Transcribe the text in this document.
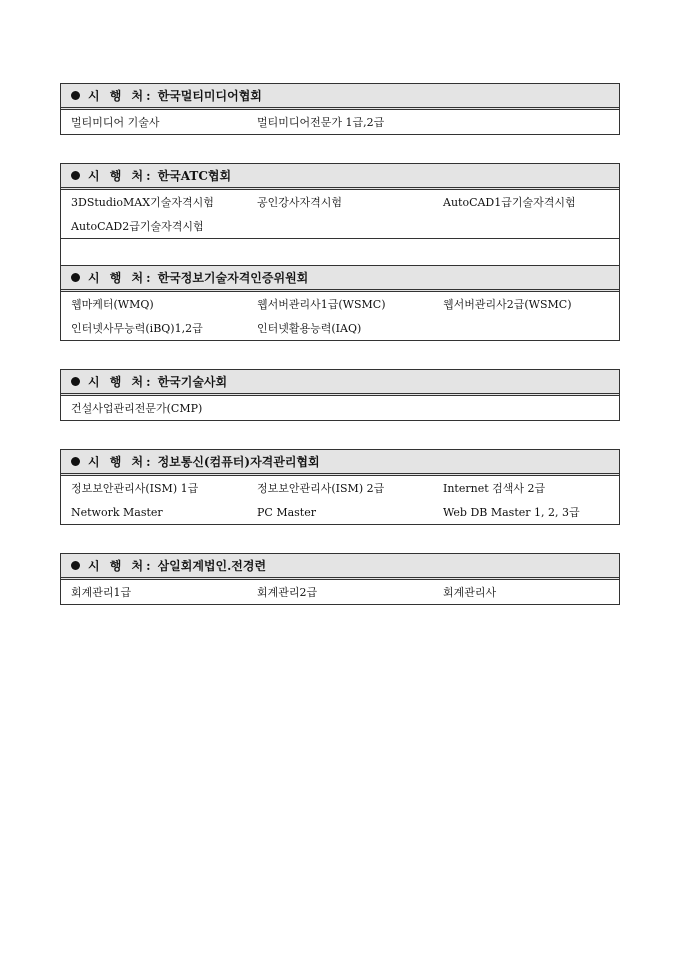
시 행 처: 한국멀티미디어협회
멀티미디어 기술사	멀티미디어전문가 1급,2급
시 행 처: 한국ATC협회
3DStudioMAX기술자격시험	공인강사자격시험	AutoCAD1급기술자격시험
AutoCAD2급기술자격시험
시 행 처: 한국정보기술자격인증위원회
웹마케터(WMQ)	웹서버관리사1급(WSMC)	웹서버관리사2급(WSMC)
인터넷사무능력(iBQ)1,2급	인터넷활용능력(IAQ)
시 행 처: 한국기술사회
건설사업관리전문가(CMP)
시 행 처: 정보통신(컴퓨터)자격관리협회
정보보안관리사(ISM) 1급	정보보안관리사(ISM) 2급	Internet 검색사 2급
Network Master	PC Master	Web DB Master 1, 2, 3급
시 행 처: 삼일회계법인.전경련
회계관리1급	회계관리2급	회계관리사
